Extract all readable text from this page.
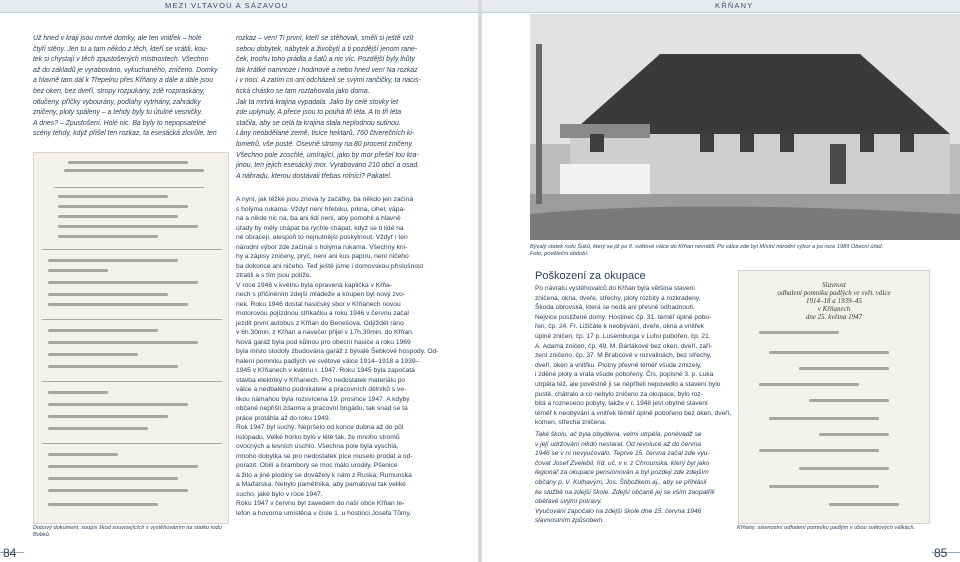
MEZI VLTAVOU A SÁZAVOU

Už hned v kraji jsou mrtvé domky, ale ten vnitřek – holé

čtyři stěny. Jen tu a tam někdo z těch, kteří se vrátili, kou-

tek si chystají v těch zpustošených místnostech. Všechno

až do základů je vyrabováno, vykuchaného, zničeno. Domky

a hlavně tam dál k Třepelnu přes Křňany a dále a dále jsou

bez oken, bez dveří, stropy rozpukány, zdě rozpraskány,

otlučeny, příčky vybourány, podlahy vytrhány, zahrádky

zničeny, ploty spáleny – a tehdy byly tu útulné vesničky.

A dnes? – Zpustošení. Holé nic. Ba byly to nepopsatelné

scény tehdy, když přišel ten rozkaz, ta esesácká zlovůle, ten

Dobový dokument, soupis škod souvisejících s vystěhováním na statku rodu Bobků.

rozkaz – ven! Ti první, kteří se stěhovali, směli si ještě vzít

sebou dobytek, nábytek a živobytí a ti pozdější jenom rane-

ček, trochu toho prádla a šatů a nic víc. Pozdější byly lhůty

tak krátké namnoze i hodinové a nebo hned ven! Na rozkaz

i v noci. A zatím co oni odcházeli se svými rančičky, ta nacis-

tická chásko se tam roztahovala jako doma.

Jak ta mrtvá krajina vypadala. Jako by celé stovky let

zde uplynuly. A přece jsou to pouhá tři léta. A to tři léta

stačila, aby se celá ta krajina stala neplodnou sutinou.

Lány neobdělané země, tisíce hektarů, 760 čtverečních ki-

lometrů, vše pusté. Osevně stromy na 80 procent zničeny.

Všechno pole zoschlé, umírající, jako by mor přešel tou kra-

jinou, ten jejich esesácký mor. Vyrabováno 210 obcí a osad.

A náhradu, kterou dostávali třebas rolníci? Pakatel.

A nyní, jak těžké jsou znova ty začátky, ba někdo jen začíná

s holýma rukama. Vždyť není hřebíku, prkna, cihel, vápa-

na a nikde nic na, ba ani lidí není, aby pomohli a hlavně

úřady by měly chápat ba rychle chápat, když se ti lidé na

ně obracejí, alespoň to nejnutnější poskytnout. Vždyť i ten

národní výbor zde začínal s holýma rukama. Všechny kni-

hy a zápisy zničeny, pryč, není ani kus papíru, není ničeho

ba dokonce ani ničeho. Teď ještě jsme i domovskou příslušnost

ztratili a s tím jsou potíže.

V roce 1946 v květnu byla opravená kaplička v Křňa-

nech s přičiněním zdejší mládeže a koupen byl nový zvo-

nek. Roku 1946 dostal hasičský sbor v Křňanech novou

motorovou pojízdnou stříkačku a roku 1946 v červnu začal

jezdit první autobus z Křňan do Benešova. Odjíždět ráno

v 6h.30min. z Křňan a navečer přijel v 17h.30min. do Křňan.

Nová garáž byla pod kůlnou pro obecní hasiče a roku 1969

byla místo stodoly zbudována garáž z bývalé Šebkové hospody. Od-

halení pomníku padlých ve světové válce 1914–1918 a 1939–

1945 v Křňanech v květnu r. 1947. Roku 1945 byla započatá

stavba elektriky v Křňanech. Pro nedostatek materiálu po

válce a nedbalého podnikatele a pracovních dělníků s ve-

likou námahou byla rozsvícena 19. prosince 1947. A kdyby

občané nepřišli zdarma a pracovní brigádu, tak snad se ta

práce protáhla až do roku 1949.

Rok 1947 byl suchý. Nepršelo od konce dubna až do půl

listopadu. Velké horko bylo v létě tak, že mnoho stromů

ovocných a lesních uschlo. Všechna pole byla vyschlá,

mnoho dobytka se pro nedostatek píce muselo prodat a od-

porazit. Obilí a brambory se moc málo urodily. Pšenice

a žito a jiné plodiny se dovážely k nám z Ruska, Rumunska

a Maďarska. Nebylo pamětníka, aby pamatoval tak veliké

sucho, jaké bylo v roce 1947.

Roku 1947 v červnu byl zavedem do naší obce Křňan te-

lefon a hovorna umístěna v čísle 1. u hostinci Josefa Tůmy.

84
KŘŇANY
Bývalý statek rodu Šuků, který se již po II. světové válce do Křňan nevrátili. Po válce zde byl Místní národní výbor a po roce 1989 Obecní úřad.
Foto, pověleční období.
Poškození za okupace

Po návratu vystěhovalců do Křňan byla většina staveni

zničena, okna, dveře, střechy, ploty rozbity a rozkradeny.

Škoda obrovská, která se nedá ani přesně odhadnouti.

Nejvíce postižené domy: Hostinec čp. 31. téměř úplně pobo-

řen, čp. 24. Fr. Ližičáte k neobývání, dveře, okna a vnitřek

úplně zničen, čp. 17 p. Lusemburga v Luhu pobořen, čp. 21.

A. Adama zničen, čp. 49. M. Bártákové bez oken, dveří, zaří-

zení zničeno, čp. 37. M Brabcové v rozvalinách, bez střechy,

dveří, oken a vnitřku. Plotny převně téměř všude zmizely,

i zděné ploty a vrata všude pobořeny. Čís. popisné 3. p. Luka

utrpěla též, ale pověstně ji se nepříteli nepovedlo a stavení bylo

pustě, chátralo a co nebylo zničeno za okupace, bylo roz-

bitá a rozneseno pobyty, takže v r. 1948 jest obytné stavení

téměř k neobývání a vnitřek téměř úplně pobořeno bez oken, dveří,

komen, střecha zničena.

Také školu, ač byla obydlena, velmi utrpěla, poněvadž se

v její udržování nikdo nestaral. Od revoluce až do června

1946 se v ní nevyučovalo. Teprve 15. června začal zde vyu-

čovat Josef Zvelebil, říd. uč. v v. z Chrounska, který byl jako

legionář za okupace pensionován a byl pozdeji zde zdejším

občany p. V. Kulhavým, Jos. Štibožkem aj., aby se přihlásil

ke službě na zdejší škole. Zdejší občané jej se vším zaopatřili

obětavě svými potravy.

Vyučování započalo na zdejší škole dne 15. června 1946

slavnostním způsobem.

Slavnost
odhalení pomníku padlých ve svět. válce
1914–18 a 1939–45
v Křňanech
dne 25. května 1947
Křňany, slavnostní odhalení pomníku padlým v obou světových válkách.
85
